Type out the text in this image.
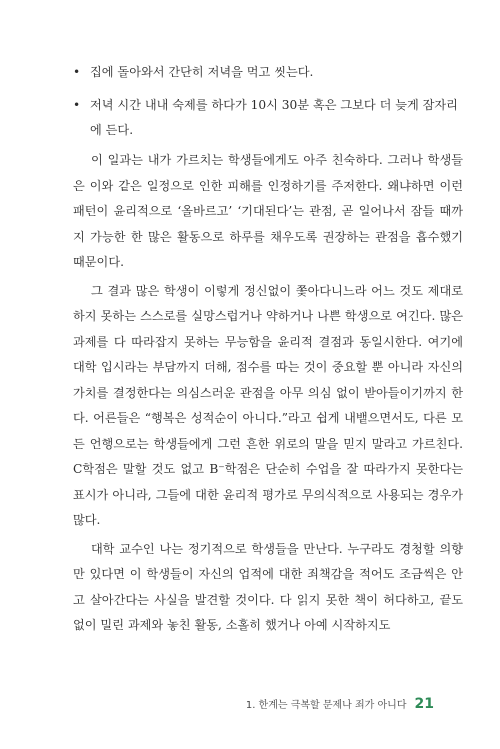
• 집에 돌아와서 간단히 저녁을 먹고 씻는다.
• 저녁 시간 내내 숙제를 하다가 10시 30분 혹은 그보다 더 늦게 잠자리에 든다.

이 일과는 내가 가르치는 학생들에게도 아주 친숙하다. 그러나 학생들은 이와 같은 일정으로 인한 피해를 인정하기를 주저한다. 왜냐하면 이런 패턴이 윤리적으로 ‘올바르고’ ‘기대된다’는 관점, 곧 일어나서 잠들 때까지 가능한 한 많은 활동으로 하루를 채우도록 권장하는 관점을 흡수했기 때문이다.

그 결과 많은 학생이 이렇게 정신없이 쫓아다니느라 어느 것도 제대로 하지 못하는 스스로를 실망스럽거나 약하거나 나쁜 학생으로 여긴다. 많은 과제를 다 따라잡지 못하는 무능함을 윤리적 결점과 동일시한다. 여기에 대학 입시라는 부담까지 더해, 점수를 따는 것이 중요할 뿐 아니라 자신의 가치를 결정한다는 의심스러운 관점을 아무 의심 없이 받아들이기까지 한다. 어른들은 “행복은 성적순이 아니다.”라고 쉽게 내뱉으면서도, 다른 모든 언행으로는 학생들에게 그런 흔한 위로의 말을 믿지 말라고 가르친다. C학점은 말할 것도 없고 B⁻학점은 단순히 수업을 잘 따라가지 못한다는 표시가 아니라, 그들에 대한 윤리적 평가로 무의식적으로 사용되는 경우가 많다.

대학 교수인 나는 정기적으로 학생들을 만난다. 누구라도 경청할 의향만 있다면 이 학생들이 자신의 업적에 대한 죄책감을 적어도 조금씩은 안고 살아간다는 사실을 발견할 것이다. 다 읽지 못한 책이 허다하고, 끝도 없이 밀린 과제와 놓친 활동, 소홀히 했거나 아예 시작하지도

1. 한계는 극복할 문제나 죄가 아니다 21
